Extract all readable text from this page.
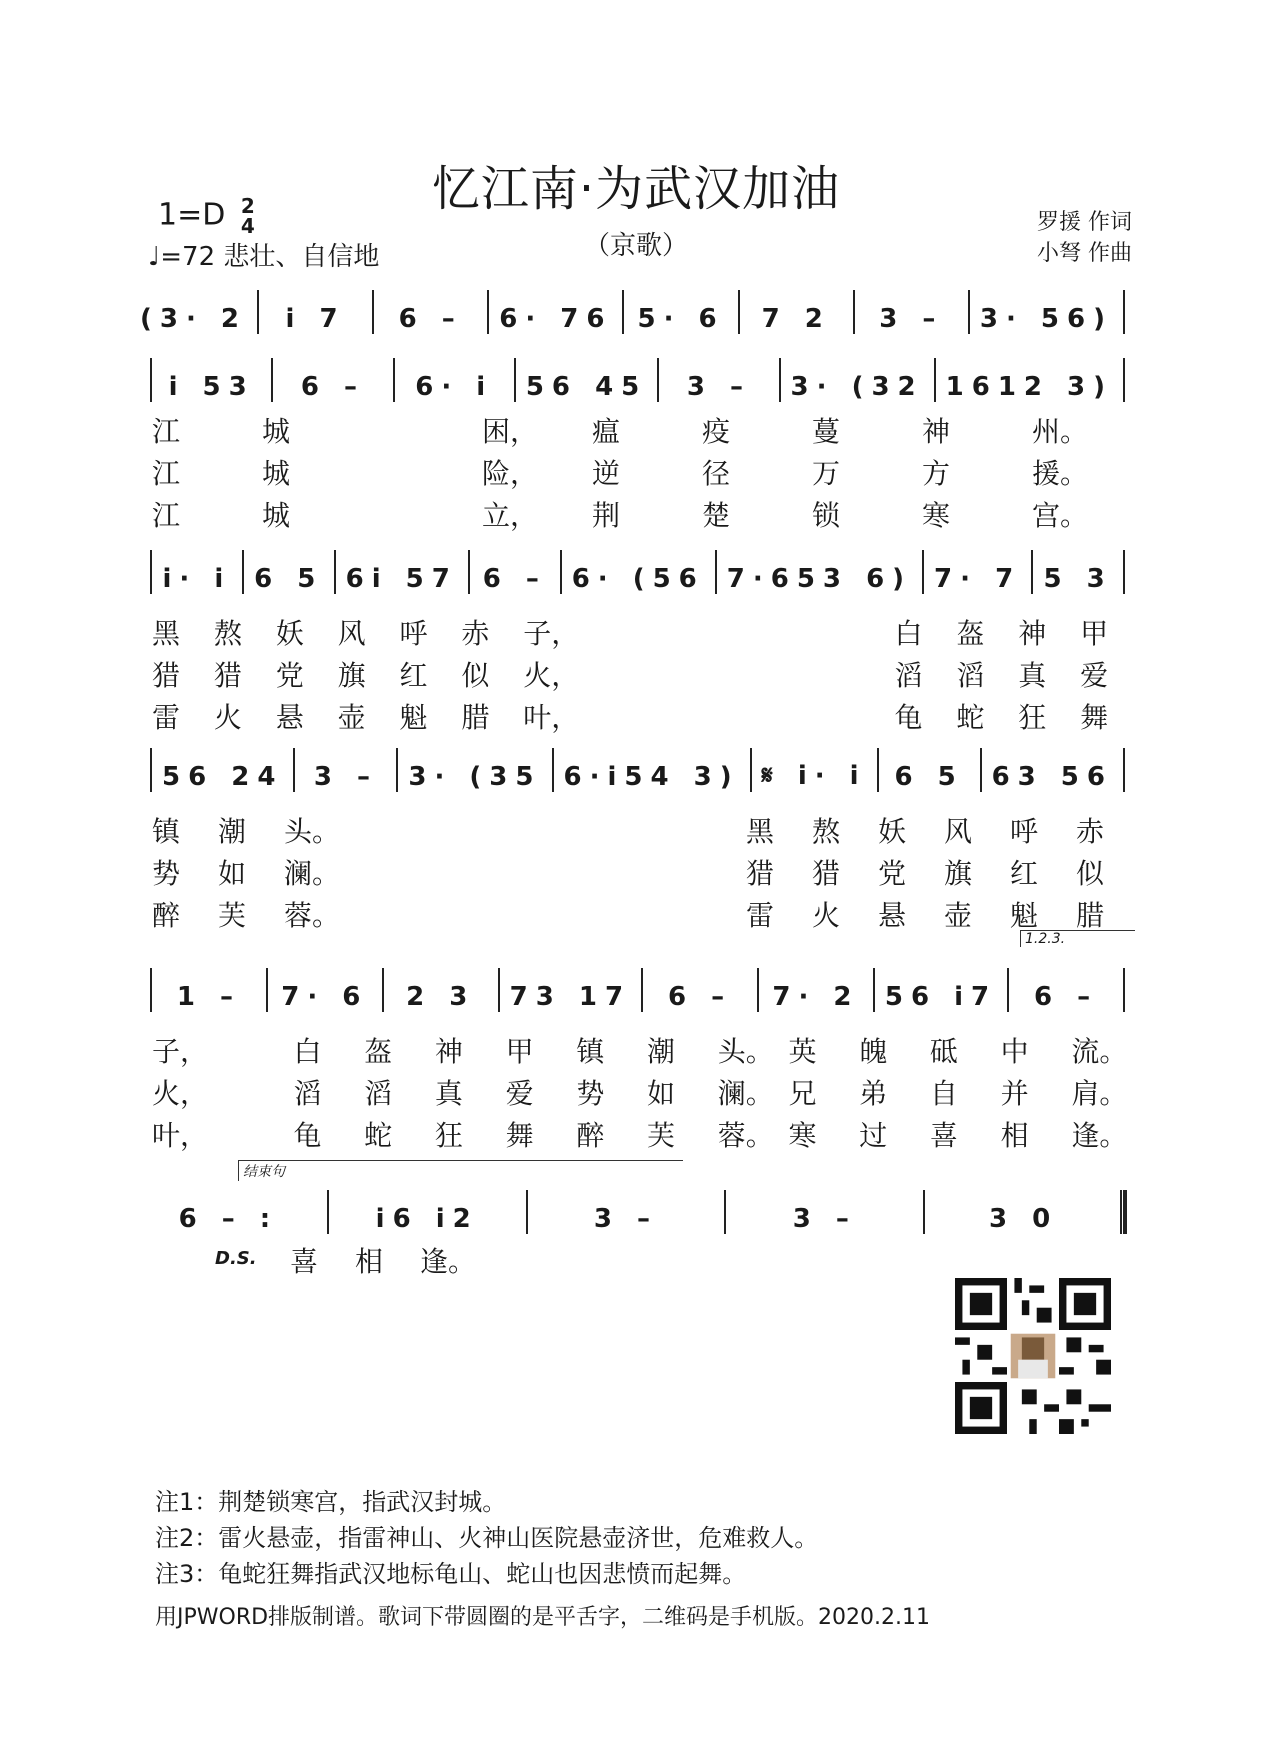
忆江南·为武汉加油
（京歌）
1=D 2
4
♩=72 悲壮、自信地
罗援 作词
小弩 作曲
(3· 2	i 7	6 –	6· 76 5· 6	7 2	3 –	3· 56)
i 53	6 –	6· i	56 45	3 –	3· (32 1612 3)
江	城	困，	瘟	疫	蔓	神	州。
江	城	险，	逆	径	万	方	援。
江	城	立，	荆	楚	锁	寒	宫。
i· i 6 5 6i 57 6 – 6· (56 7·653 6) 7· 7 5 3
黑	熬	妖	风	呼	赤	子，	白	盔	神	甲
猎	猎	党	旗	红	似	火，	滔	滔	真	爱
雷	火	悬	壶	魁	腊	叶，	龟	蛇	狂	舞
56 24	3 –	3· (35 6·i54 3) 𝄋 i· i 6 5 63 56
镇	潮	头。	黑	熬	妖	风	呼	赤
势	如	澜。	猎	猎	党	旗	红	似
醉	芙	蓉。	雷	火	悬	壶	魁	腊
1 –	7· 6	2 3	73 17	6 –	7· 2 56 i7	6 –
1.2.3.
子，	白	盔	神	甲	镇	潮	头。 英	魄	砥	中	流。
火，	滔	滔	真	爱	势	如	澜。 兄	弟	自	并	肩。
叶，	龟	蛇	狂	舞	醉	芙	蓉。 寒	过	喜	相	逢。
6 – :	i6 i2	3 –	3 –	3 0
结束句
D.S. 喜	相	逢。
注1：荆楚锁寒宫，指武汉封城。
注2：雷火悬壶，指雷神山、火神山医院悬壶济世，危难救人。
注3：龟蛇狂舞指武汉地标龟山、蛇山也因悲愤而起舞。
用JPWORD排版制谱。歌词下带圆圈的是平舌字，二维码是手机版。2020.2.11
